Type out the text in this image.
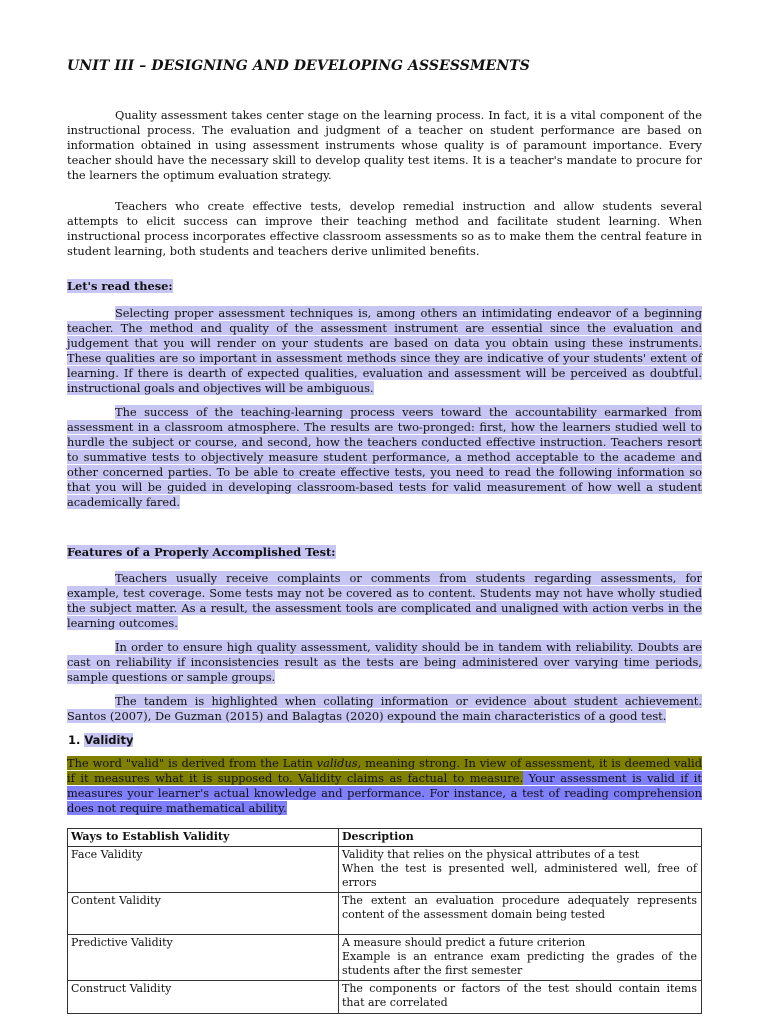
UNIT III – DESIGNING AND DEVELOPING ASSESSMENTS

Quality assessment takes center stage on the learning process. In fact, it is a vital component of the instructional process. The evaluation and judgment of a teacher on student performance are based on information obtained in using assessment instruments whose quality is of paramount importance. Every teacher should have the necessary skill to develop quality test items. It is a teacher's mandate to procure for the learners the optimum evaluation strategy.

Teachers who create effective tests, develop remedial instruction and allow students several attempts to elicit success can improve their teaching method and facilitate student learning. When instructional process incorporates effective classroom assessments so as to make them the central feature in student learning, both students and teachers derive unlimited benefits.

Let's read these:

Selecting proper assessment techniques is, among others an intimidating endeavor of a beginning teacher. The method and quality of the assessment instrument are essential since the evaluation and judgement that you will render on your students are based on data you obtain using these instruments. These qualities are so important in assessment methods since they are indicative of your students' extent of learning. If there is dearth of expected qualities, evaluation and assessment will be perceived as doubtful. instructional goals and objectives will be ambiguous.

The success of the teaching-learning process veers toward the accountability earmarked from assessment in a classroom atmosphere. The results are two-pronged: first, how the learners studied well to hurdle the subject or course, and second, how the teachers conducted effective instruction. Teachers resort to summative tests to objectively measure student performance, a method acceptable to the academe and other concerned parties. To be able to create effective tests, you need to read the following information so that you will be guided in developing classroom-based tests for valid measurement of how well a student academically fared.

Features of a Properly Accomplished Test:

Teachers usually receive complaints or comments from students regarding assessments, for example, test coverage. Some tests may not be covered as to content. Students may not have wholly studied the subject matter. As a result, the assessment tools are complicated and unaligned with action verbs in the learning outcomes.

In order to ensure high quality assessment, validity should be in tandem with reliability. Doubts are cast on reliability if inconsistencies result as the tests are being administered over varying time periods, sample questions or sample groups.

The tandem is highlighted when collating information or evidence about student achievement. Santos (2007), De Guzman (2015) and Balagtas (2020) expound the main characteristics of a good test.

1. Validity

The word "valid" is derived from the Latin validus, meaning strong. In view of assessment, it is deemed valid if it measures what it is supposed to. Validity claims as factual to measure. Your assessment is valid if it measures your learner's actual knowledge and performance. For instance, a test of reading comprehension does not require mathematical ability.

Ways to Establish Validity	Description
Face Validity	Validity that relies on the physical attributes of a test
When the test is presented well, administered well, free of errors

Content Validity	The extent an evaluation procedure adequately represents content of the assessment domain being tested

Predictive Validity	A measure should predict a future criterion
Example is an entrance exam predicting the grades of the students after the first semester

Construct Validity	The components or factors of the test should contain items that are correlated
